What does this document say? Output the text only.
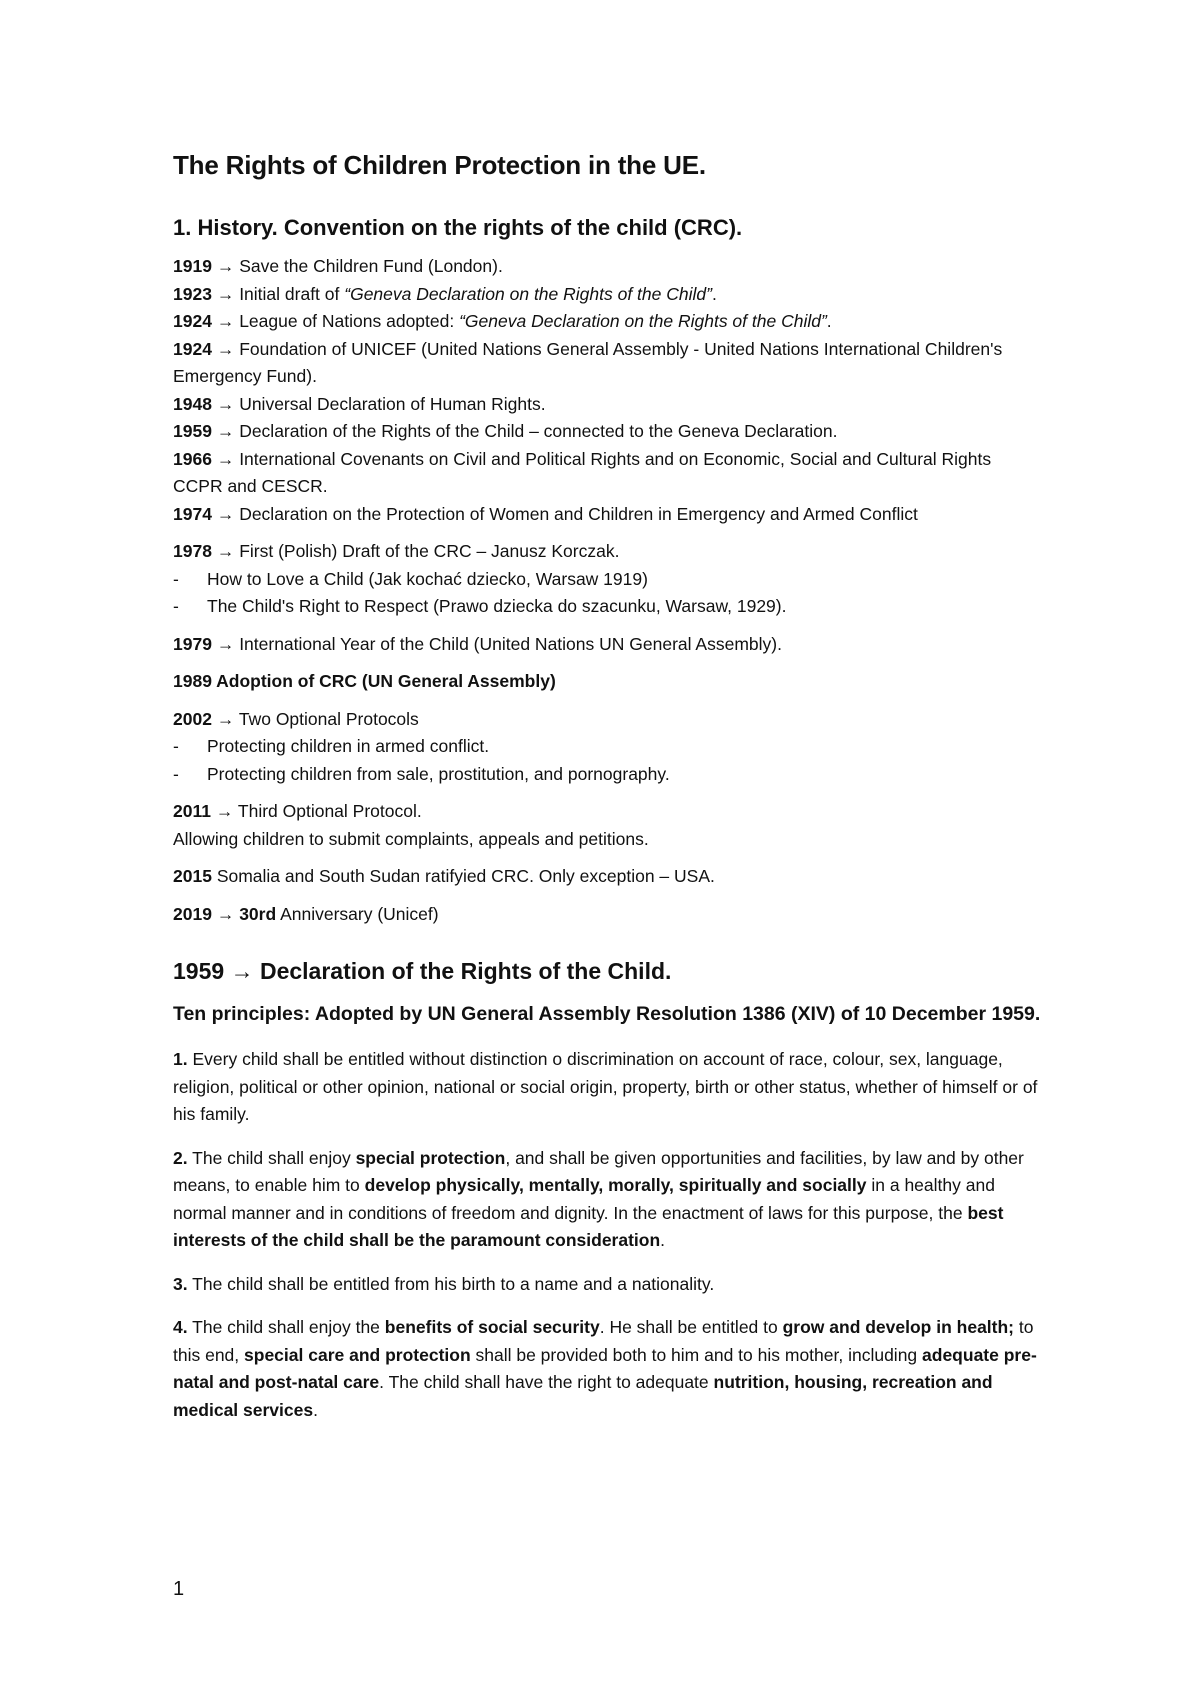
The Rights of Children Protection in the UE.
1. History. Convention on the rights of the child (CRC).
1919 → Save the Children Fund (London).
1923 → Initial draft of “Geneva Declaration on the Rights of the Child”.
1924 → League of Nations adopted: “Geneva Declaration on the Rights of the Child”.
1924 → Foundation of UNICEF (United Nations General Assembly - United Nations International Children's Emergency Fund).
1948 → Universal Declaration of Human Rights.
1959 → Declaration of the Rights of the Child – connected to the Geneva Declaration.
1966 → International Covenants on Civil and Political Rights and on Economic, Social and Cultural Rights CCPR and CESCR.
1974 → Declaration on the Protection of Women and Children in Emergency and Armed Conflict
1978 → First (Polish) Draft of the CRC – Janusz Korczak.
- How to Love a Child (Jak kochać dziecko, Warsaw 1919)
- The Child's Right to Respect (Prawo dziecka do szacunku, Warsaw, 1929).
1979 → International Year of the Child (United Nations UN General Assembly).
1989 Adoption of CRC (UN General Assembly)
2002 → Two Optional Protocols
- Protecting children in armed conflict.
- Protecting children from sale, prostitution, and pornography.
2011 → Third Optional Protocol.
Allowing children to submit complaints, appeals and petitions.
2015 Somalia and South Sudan ratifyied CRC. Only exception – USA.
2019 → 30rd Anniversary (Unicef)
1959 → Declaration of the Rights of the Child.
Ten principles: Adopted by UN General Assembly Resolution 1386 (XIV) of 10 December 1959.

1. Every child shall be entitled without distinction o discrimination on account of race, colour, sex, language, religion, political or other opinion, national or social origin, property, birth or other status, whether of himself or of his family.

2. The child shall enjoy special protection, and shall be given opportunities and facilities, by law and by other means, to enable him to develop physically, mentally, morally, spiritually and socially in a healthy and normal manner and in conditions of freedom and dignity. In the enactment of laws for this purpose, the best interests of the child shall be the paramount consideration.

3. The child shall be entitled from his birth to a name and a nationality.

4. The child shall enjoy the benefits of social security. He shall be entitled to grow and develop in health; to this end, special care and protection shall be provided both to him and to his mother, including adequate pre-natal and post-natal care. The child shall have the right to adequate nutrition, housing, recreation and medical services.

1
